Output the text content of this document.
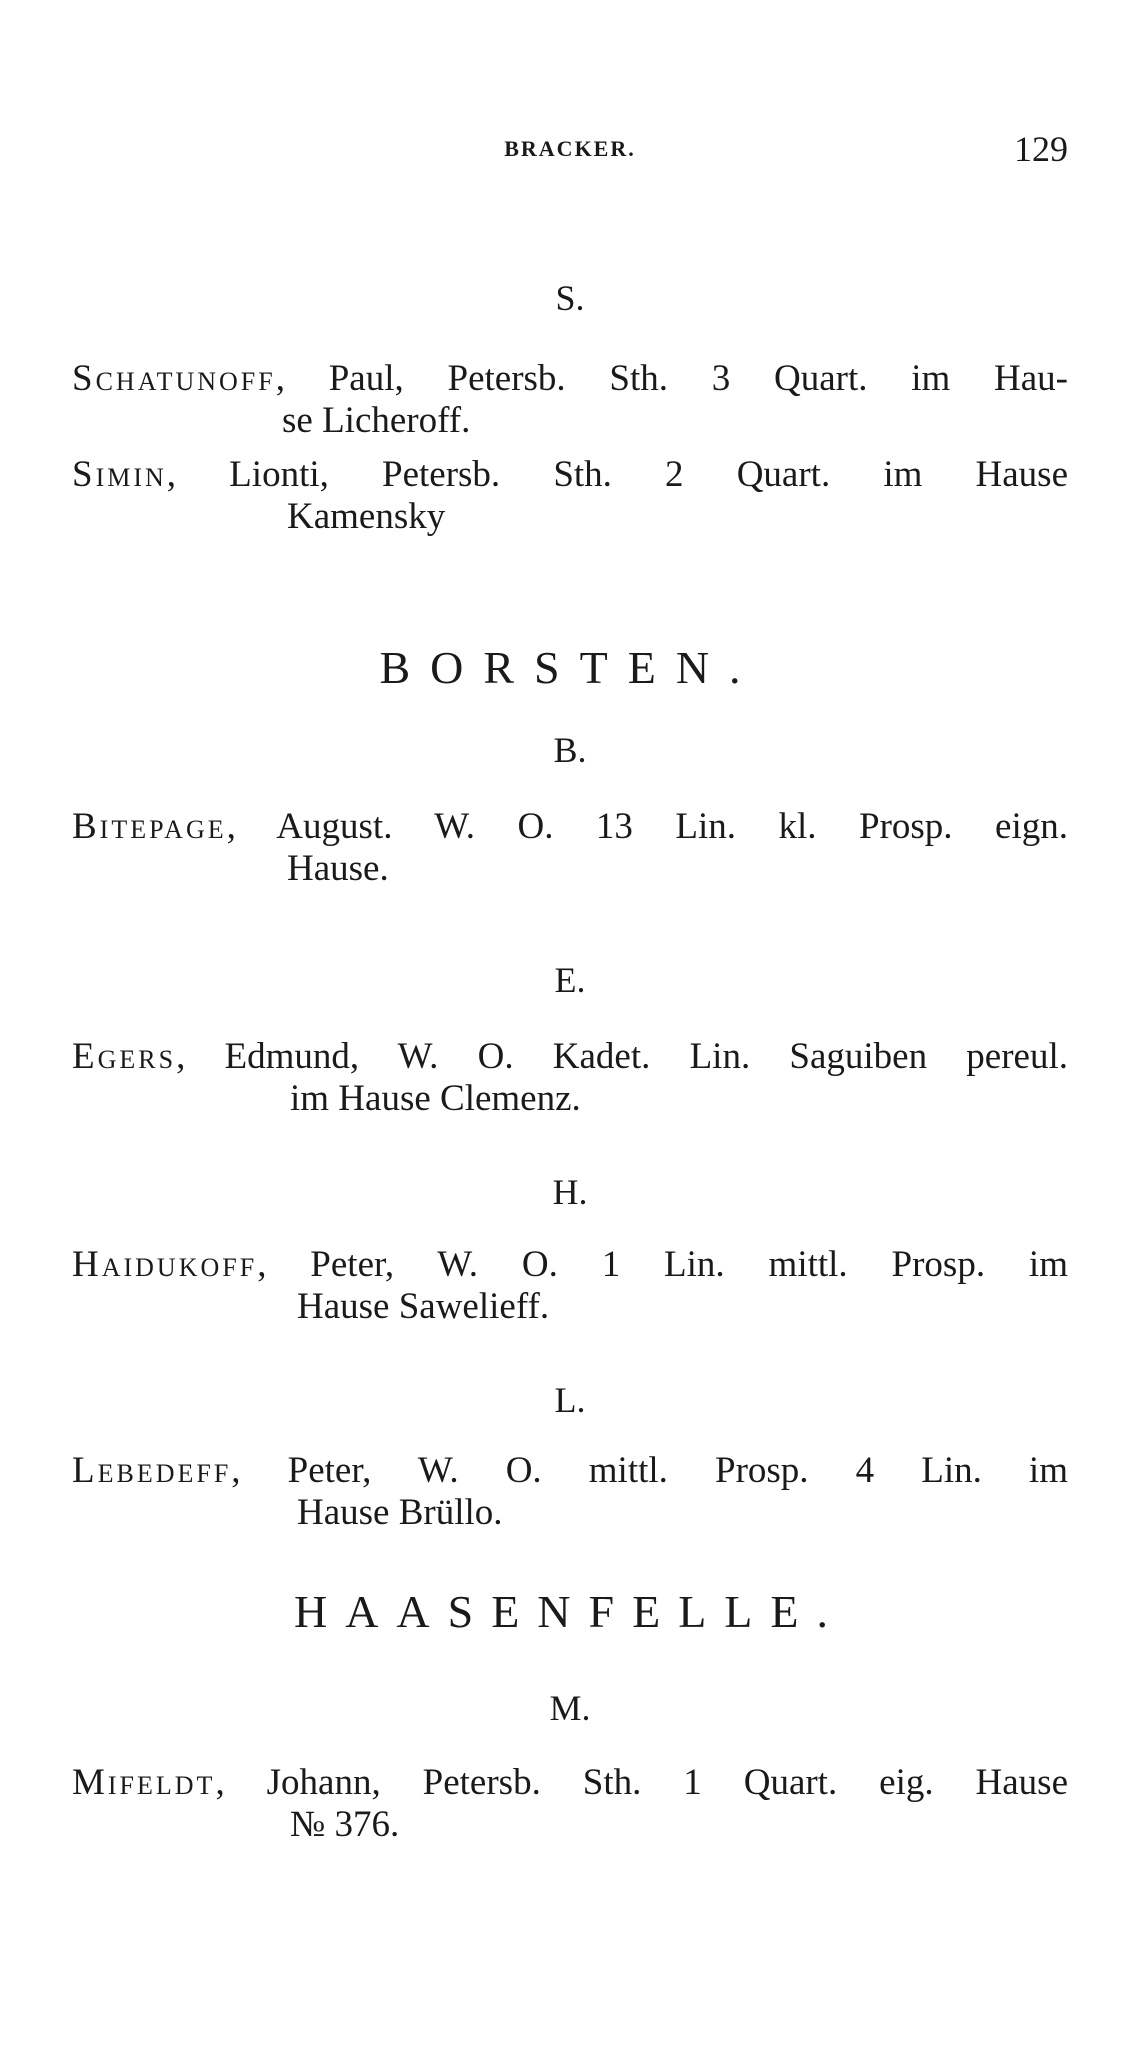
BRACKER.	129
S.
Schatunoff, Paul, Petersb. Sth. 3 Quart. im Hau-
se Licheroff.
Simin, Lionti, Petersb. Sth. 2 Quart. im Hause
Kamensky
BORSTEN.
B.
Bitepage, August. W. O. 13 Lin. kl. Prosp. eign.
Hause.
E.
Egers, Edmund, W. O. Kadet. Lin. Saguiben pereul.
im Hause Clemenz.
H.
Haidukoff, Peter, W. O. 1 Lin. mittl. Prosp. im
Hause Sawelieff.
L.
Lebedeff, Peter, W. O. mittl. Prosp. 4 Lin. im
Hause Brüllo.
HAASENFELLE.
M.
Mifeldt, Johann, Petersb. Sth. 1 Quart. eig. Hause
№ 376.
